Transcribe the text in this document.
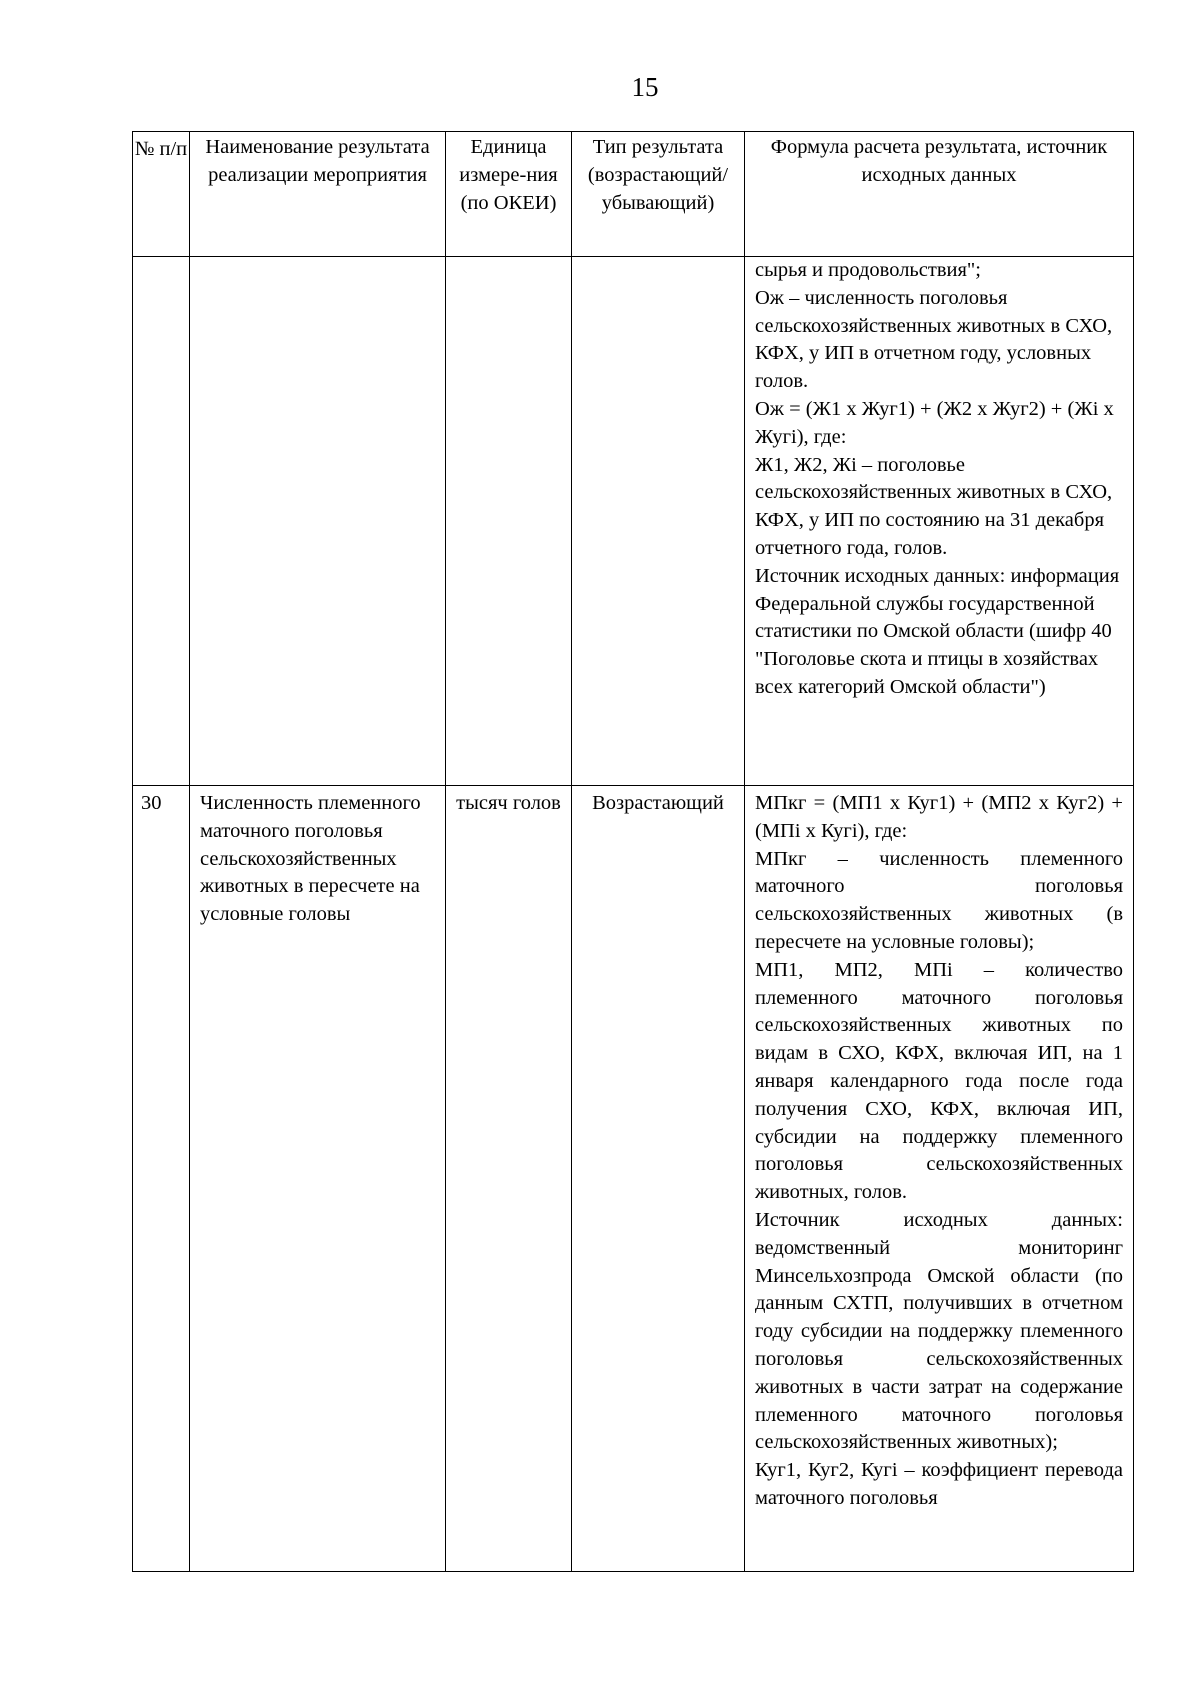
15
№ п/п	Наименование результата реализации мероприятия	Единица измере-ния (по ОКЕИ)	Тип результата (возрастающий/ убывающий)	Формула расчета результата, источник исходных данных

				сырья и продовольствия";

Ож – численность поголовья сельскохозяйственных животных в СХО, КФХ, у ИП в отчетном году, условных голов.

Ож = (Ж1 x Жуг1) + (Ж2 x Жуг2) + (Жi x Жугi), где:

Ж1, Ж2, Жi – поголовье сельскохозяйственных животных в СХО, КФХ, у ИП по состоянию на 31 декабря отчетного года, голов.

Источник исходных данных: информация Федеральной службы государственной статистики по Омской области (шифр 40 "Поголовье скота и птицы в хозяйствах всех категорий Омской области")

30	Численность племенного маточного поголовья сельскохозяйственных животных в пересчете на условные головы	тысяч голов	Возрастающий	МПкг = (МП1 x Куг1) + (МП2 x Куг2) + (МПi x Кугi), где:

МПкг – численность племенного маточного поголовья сельскохозяйственных животных (в пересчете на условные головы);

МП1, МП2, МПi – количество племенного маточного поголовья сельскохозяйственных животных по видам в СХО, КФХ, включая ИП, на 1 января календарного года после года получения СХО, КФХ, включая ИП, субсидии на поддержку племенного поголовья сельскохозяйственных животных, голов.

Источник исходных данных: ведомственный мониторинг Минсельхозпрода Омской области (по данным СХТП, получивших в отчетном году субсидии на поддержку племенного поголовья сельскохозяйственных животных в части затрат на содержание племенного маточного поголовья сельскохозяйственных животных);

Куг1, Куг2, Кугi – коэффициент перевода маточного поголовья
